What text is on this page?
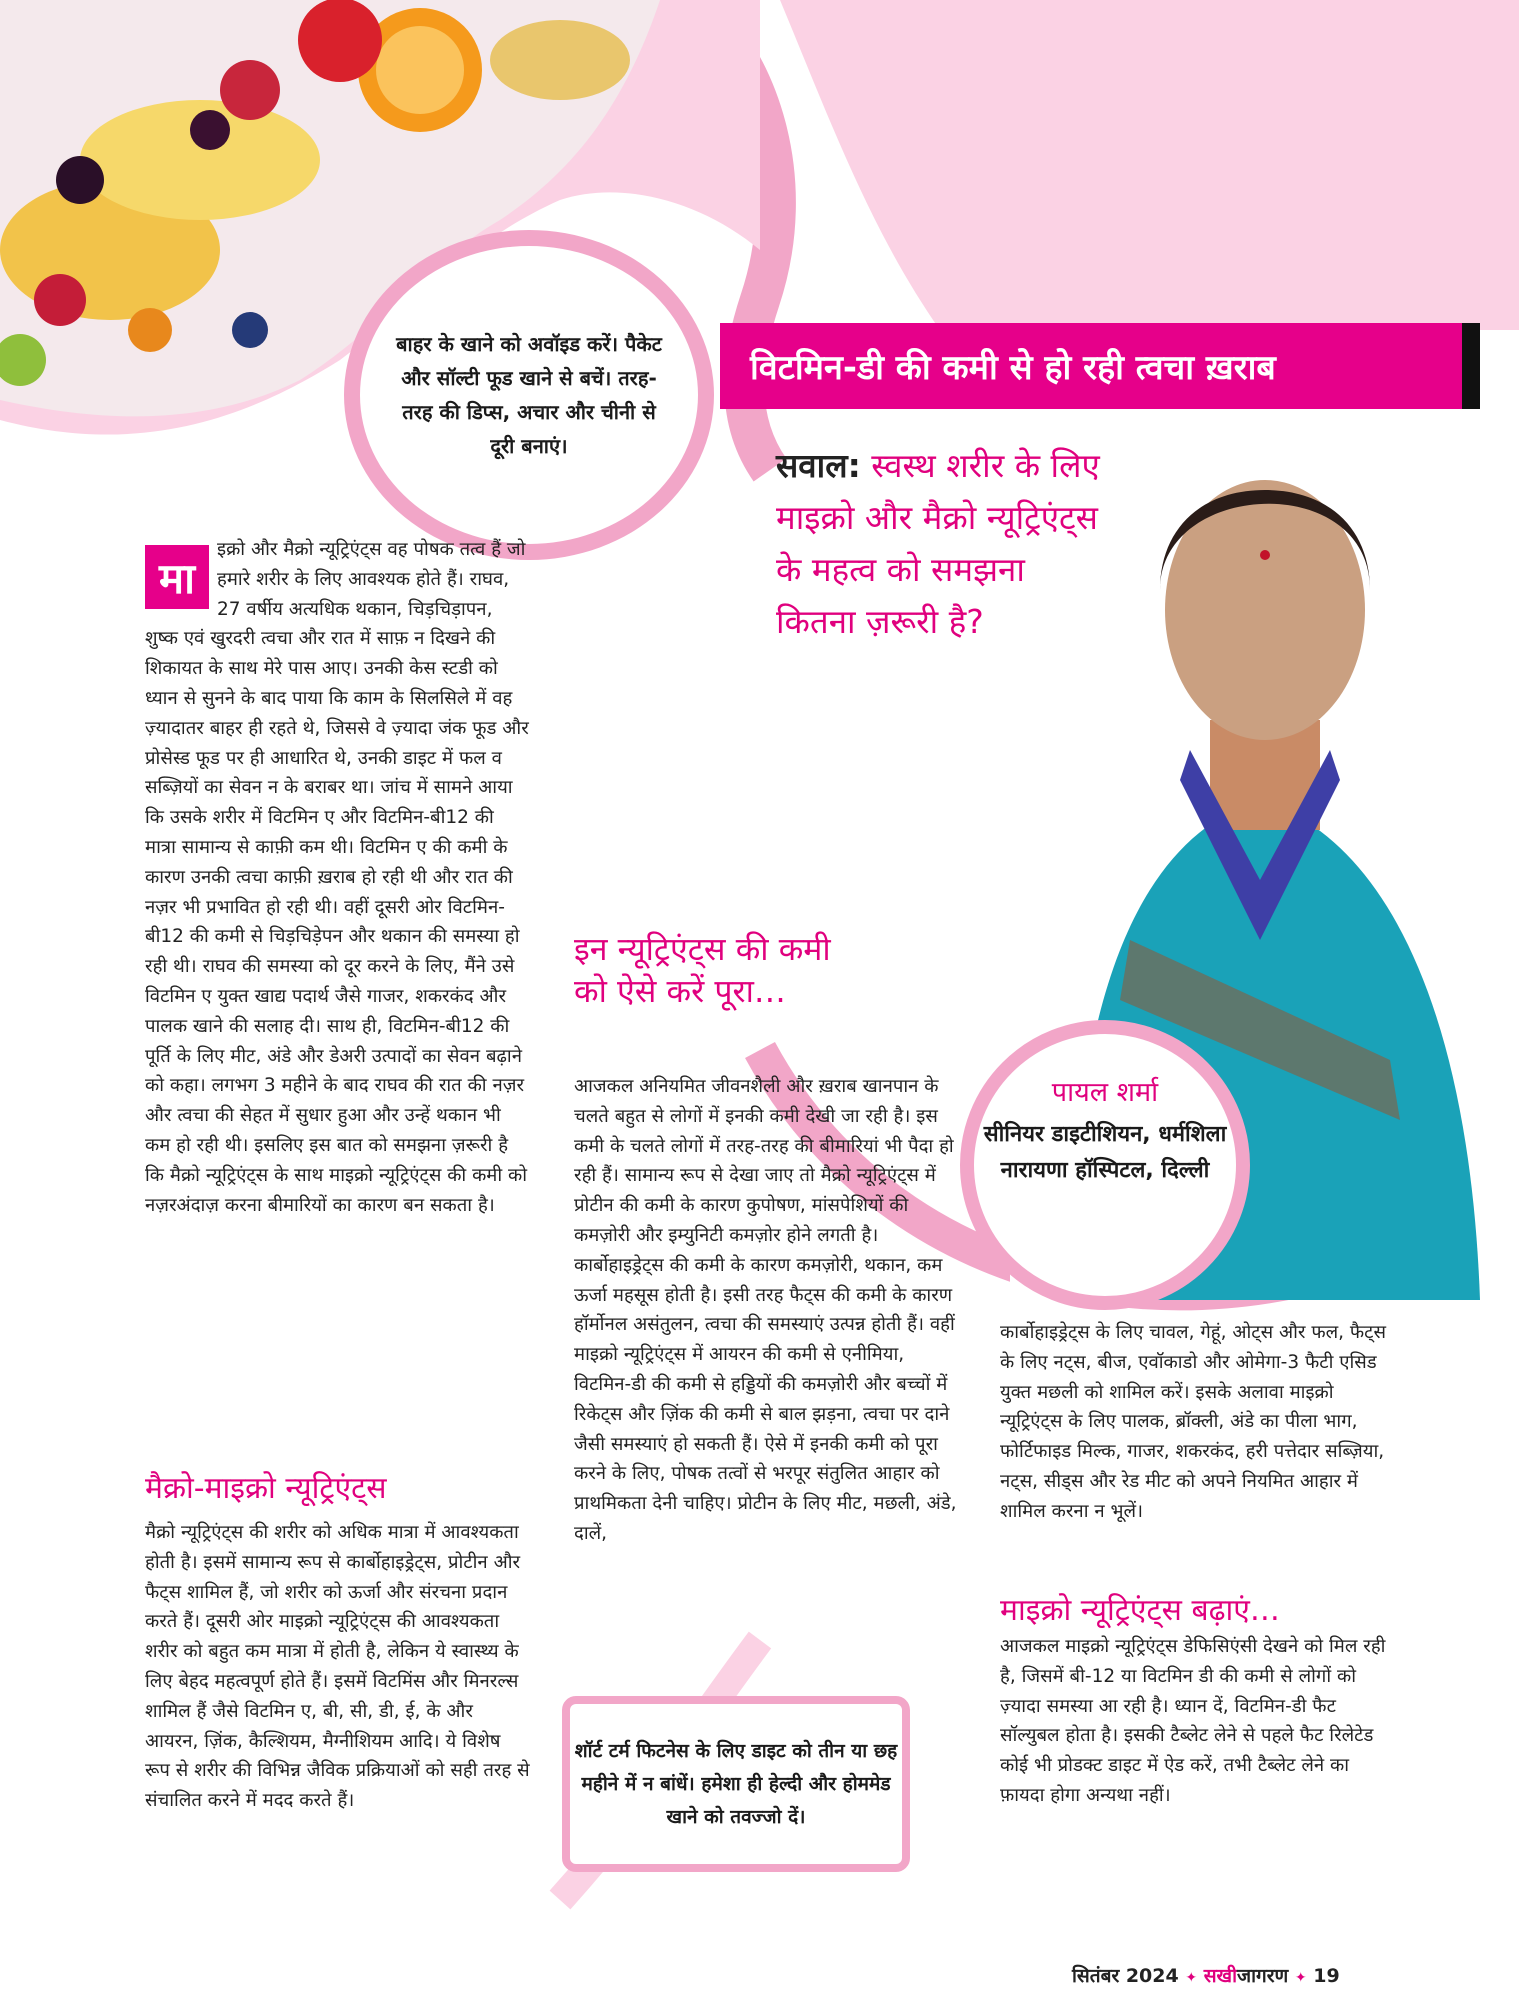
बाहर के खाने को अवॉइड करें। पैकेट और सॉल्टी फूड खाने से बचें। तरह-तरह की डिप्स, अचार और चीनी से दूरी बनाएं।

विटमिन-डी की कमी से हो रही त्वचा ख़राब
सवाल: स्वस्थ शरीर के लिए माइक्रो और मैक्रो न्यूट्रिएंट्स के महत्व को समझना कितना ज़रूरी है?
पायल शर्मा
सीनियर डाइटीशियन, धर्मशिला नारायणा हॉस्पिटल, दिल्ली
मा

इक्रो और मैक्रो न्यूट्रिएंट्स वह पोषक तत्व हैं जो हमारे शरीर के लिए आवश्यक होते हैं। राघव, 27 वर्षीय अत्यधिक थकान, चिड़चिड़ापन, शुष्क एवं खुरदरी त्वचा और रात में साफ़ न दिखने की शिकायत के साथ मेरे पास आए। उनकी केस स्टडी को ध्यान से सुनने के बाद पाया कि काम के सिलसिले में वह ज़्यादातर बाहर ही रहते थे, जिससे वे ज़्यादा जंक फूड और प्रोसेस्ड फूड पर ही आधारित थे, उनकी डाइट में फल व सब्ज़ियों का सेवन न के बराबर था। जांच में सामने आया कि उसके शरीर में विटमिन ए और विटमिन-बी12 की मात्रा सामान्य से काफ़ी कम थी। विटमिन ए की कमी के कारण उनकी त्वचा काफ़ी ख़राब हो रही थी और रात की नज़र भी प्रभावित हो रही थी। वहीं दूसरी ओर विटमिन-बी12 की कमी से चिड़चिड़ेपन और थकान की समस्या हो रही थी। राघव की समस्या को दूर करने के लिए, मैंने उसे विटमिन ए युक्त खाद्य पदार्थ जैसे गाजर, शकरकंद और पालक खाने की सलाह दी। साथ ही, विटमिन-बी12 की पूर्ति के लिए मीट, अंडे और डेअरी उत्पादों का सेवन बढ़ाने को कहा। लगभग 3 महीने के बाद राघव की रात की नज़र और त्वचा की सेहत में सुधार हुआ और उन्हें थकान भी कम हो रही थी। इसलिए इस बात को समझना ज़रूरी है कि मैक्रो न्यूट्रिएंट्स के साथ माइक्रो न्यूट्रिएंट्स की कमी को नज़रअंदाज़ करना बीमारियों का कारण बन सकता है।

मैक्रो-माइक्रो न्यूट्रिएंट्स

मैक्रो न्यूट्रिएंट्स की शरीर को अधिक मात्रा में आवश्यकता होती है। इसमें सामान्य रूप से कार्बोहाइड्रेट्स, प्रोटीन और फैट्स शामिल हैं, जो शरीर को ऊर्जा और संरचना प्रदान करते हैं। दूसरी ओर माइक्रो न्यूट्रिएंट्स की आवश्यकता शरीर को बहुत कम मात्रा में होती है, लेकिन ये स्वास्थ्य के लिए बेहद महत्वपूर्ण होते हैं। इसमें विटमिंस और मिनरल्स शामिल हैं जैसे विटमिन ए, बी, सी, डी, ई, के और आयरन, ज़िंक, कैल्शियम, मैग्नीशियम आदि। ये विशेष रूप से शरीर की विभिन्न जैविक प्रक्रियाओं को सही तरह से संचालित करने में मदद करते हैं।

इन न्यूट्रिएंट्स की कमी को ऐसे करें पूरा…

आजकल अनियमित जीवनशैली और ख़राब खानपान के चलते बहुत से लोगों में इनकी कमी देखी जा रही है। इस कमी के चलते लोगों में तरह-तरह की बीमारियां भी पैदा हो रही हैं। सामान्य रूप से देखा जाए तो मैक्रो न्यूट्रिएंट्स में प्रोटीन की कमी के कारण कुपोषण, मांसपेशियों की कमज़ोरी और इम्युनिटी कमज़ोर होने लगती है। कार्बोहाइड्रेट्स की कमी के कारण कमज़ोरी, थकान, कम ऊर्जा महसूस होती है। इसी तरह फैट्स की कमी के कारण हॉर्मोनल असंतुलन, त्वचा की समस्याएं उत्पन्न होती हैं। वहीं माइक्रो न्यूट्रिएंट्स में आयरन की कमी से एनीमिया, विटमिन-डी की कमी से हड्डियों की कमज़ोरी और बच्चों में रिकेट्स और ज़िंक की कमी से बाल झड़ना, त्वचा पर दाने जैसी समस्याएं हो सकती हैं। ऐसे में इनकी कमी को पूरा करने के लिए, पोषक तत्वों से भरपूर संतुलित आहार को प्राथमिकता देनी चाहिए। प्रोटीन के लिए मीट, मछली, अंडे, दालें,

शॉर्ट टर्म फिटनेस के लिए डाइट को तीन या छह महीने में न बांधें। हमेशा ही हेल्दी और होममेड खाने को तवज्जो दें।

कार्बोहाइड्रेट्स के लिए चावल, गेहूं, ओट्स और फल, फैट्स के लिए नट्स, बीज, एवॉकाडो और ओमेगा-3 फैटी एसिड युक्त मछली को शामिल करें। इसके अलावा माइक्रो न्यूट्रिएंट्स के लिए पालक, ब्रॉक्ली, अंडे का पीला भाग, फोर्टिफाइड मिल्क, गाजर, शकरकंद, हरी पत्तेदार सब्ज़िया, नट्स, सीड्स और रेड मीट को अपने नियमित आहार में शामिल करना न भूलें।

माइक्रो न्यूट्रिएंट्स बढ़ाएं…

आजकल माइक्रो न्यूट्रिएंट्स डेफिसिएंसी देखने को मिल रही है, जिसमें बी-12 या विटमिन डी की कमी से लोगों को ज़्यादा समस्या आ रही है। ध्यान दें, विटमिन-डी फैट सॉल्युबल होता है। इसकी टैब्लेट लेने से पहले फैट रिलेटेड कोई भी प्रोडक्ट डाइट में ऐड करें, तभी टैब्लेट लेने का फ़ायदा होगा अन्यथा नहीं।

सितंबर 2024 ✦ सखीजागरण ✦ 19
